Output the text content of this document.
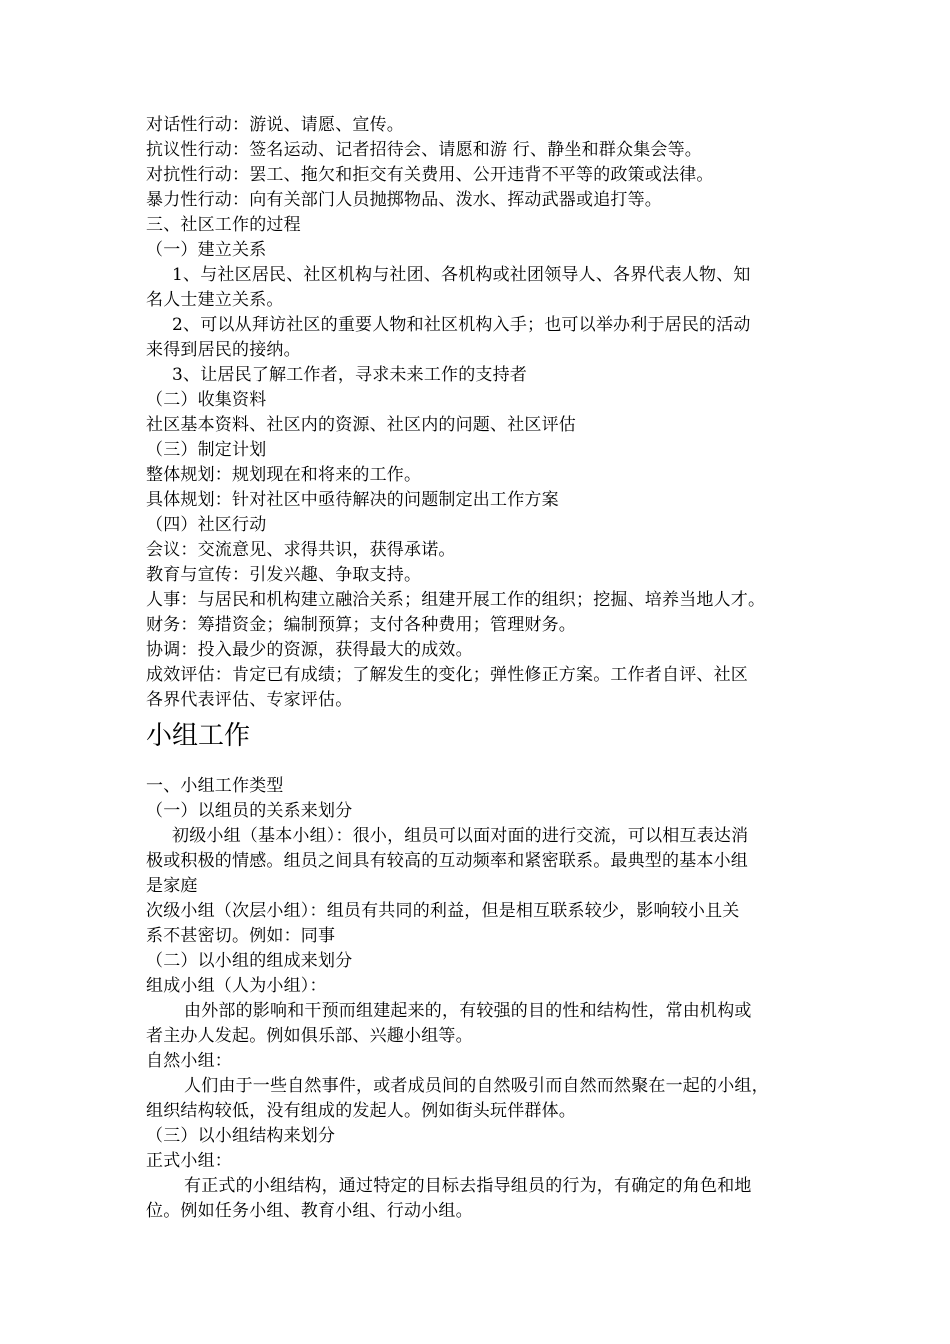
对话性行动：游说、请愿、宣传。
抗议性行动：签名运动、记者招待会、请愿和游 行、静坐和群众集会等。
对抗性行动：罢工、拖欠和拒交有关费用、公开违背不平等的政策或法律。
暴力性行动：向有关部门人员抛掷物品、泼水、挥动武器或追打等。
三、社区工作的过程
（一）建立关系
1、与社区居民、社区机构与社团、各机构或社团领导人、各界代表人物、知
名人士建立关系。
2、可以从拜访社区的重要人物和社区机构入手；也可以举办利于居民的活动
来得到居民的接纳。
3、让居民了解工作者，寻求未来工作的支持者
（二）收集资料
社区基本资料、社区内的资源、社区内的问题、社区评估
（三）制定计划
整体规划：规划现在和将来的工作。
具体规划：针对社区中亟待解决的问题制定出工作方案
（四）社区行动
会议：交流意见、求得共识，获得承诺。
教育与宣传：引发兴趣、争取支持。
人事：与居民和机构建立融洽关系；组建开展工作的组织；挖掘、培养当地人才。
财务：筹措资金；编制预算；支付各种费用；管理财务。
协调：投入最少的资源，获得最大的成效。
成效评估：肯定已有成绩；了解发生的变化；弹性修正方案。工作者自评、社区
各界代表评估、专家评估。
小组工作
一、小组工作类型
（一）以组员的关系来划分
初级小组（基本小组）：很小，组员可以面对面的进行交流，可以相互表达消
极或积极的情感。组员之间具有较高的互动频率和紧密联系。最典型的基本小组
是家庭
次级小组（次层小组）：组员有共同的利益，但是相互联系较少，影响较小且关
系不甚密切。例如：同事
（二）以小组的组成来划分
组成小组（人为小组）：
由外部的影响和干预而组建起来的，有较强的目的性和结构性，常由机构或
者主办人发起。例如俱乐部、兴趣小组等。
自然小组：
人们由于一些自然事件，或者成员间的自然吸引而自然而然聚在一起的小组，
组织结构较低，没有组成的发起人。例如街头玩伴群体。
（三）以小组结构来划分
正式小组：
有正式的小组结构，通过特定的目标去指导组员的行为，有确定的角色和地
位。例如任务小组、教育小组、行动小组。
